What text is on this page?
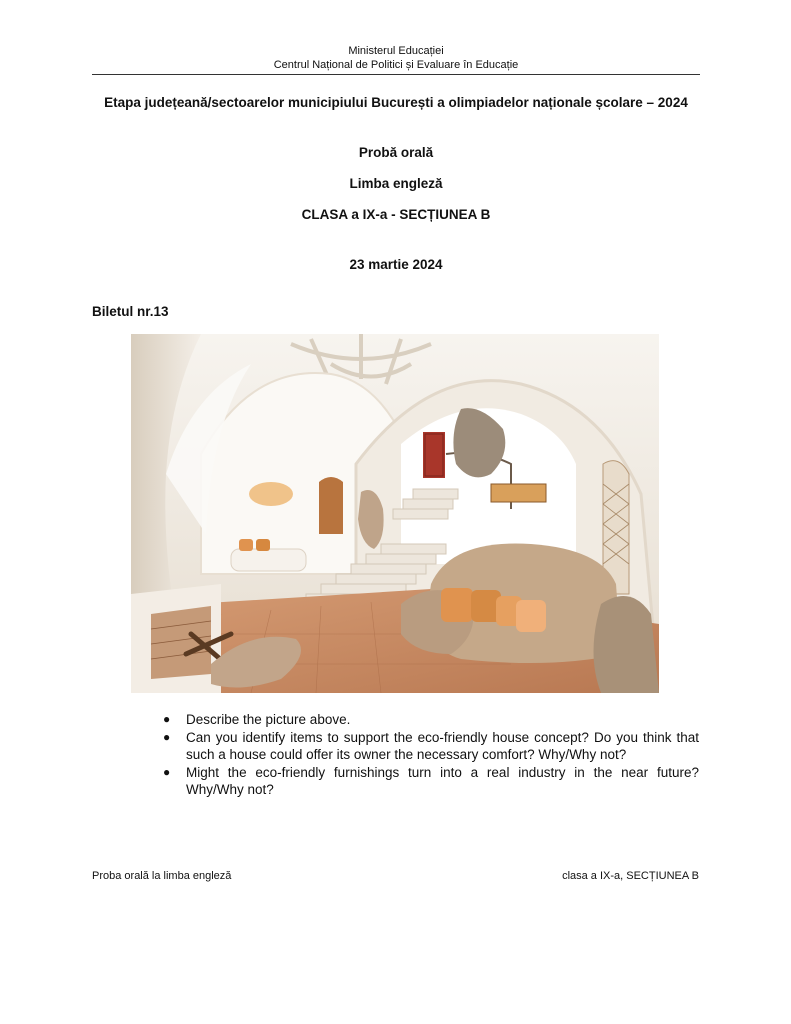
Ministerul Educației
Centrul Național de Politici și Evaluare în Educație
Etapa județeană/sectoarelor municipiului București a olimpiadelor naționale școlare – 2024
Probă orală
Limba engleză
CLASA a IX-a - SECȚIUNEA B
23 martie 2024
Biletul nr.13
● Describe the picture above.
● Can you identify items to support the eco-friendly house concept? Do you think that such a house could offer its owner the necessary comfort? Why/Why not?
● Might the eco-friendly furnishings turn into a real industry in the near future? Why/Why not?
Proba orală la limba engleză	clasa a IX-a, SECȚIUNEA B
